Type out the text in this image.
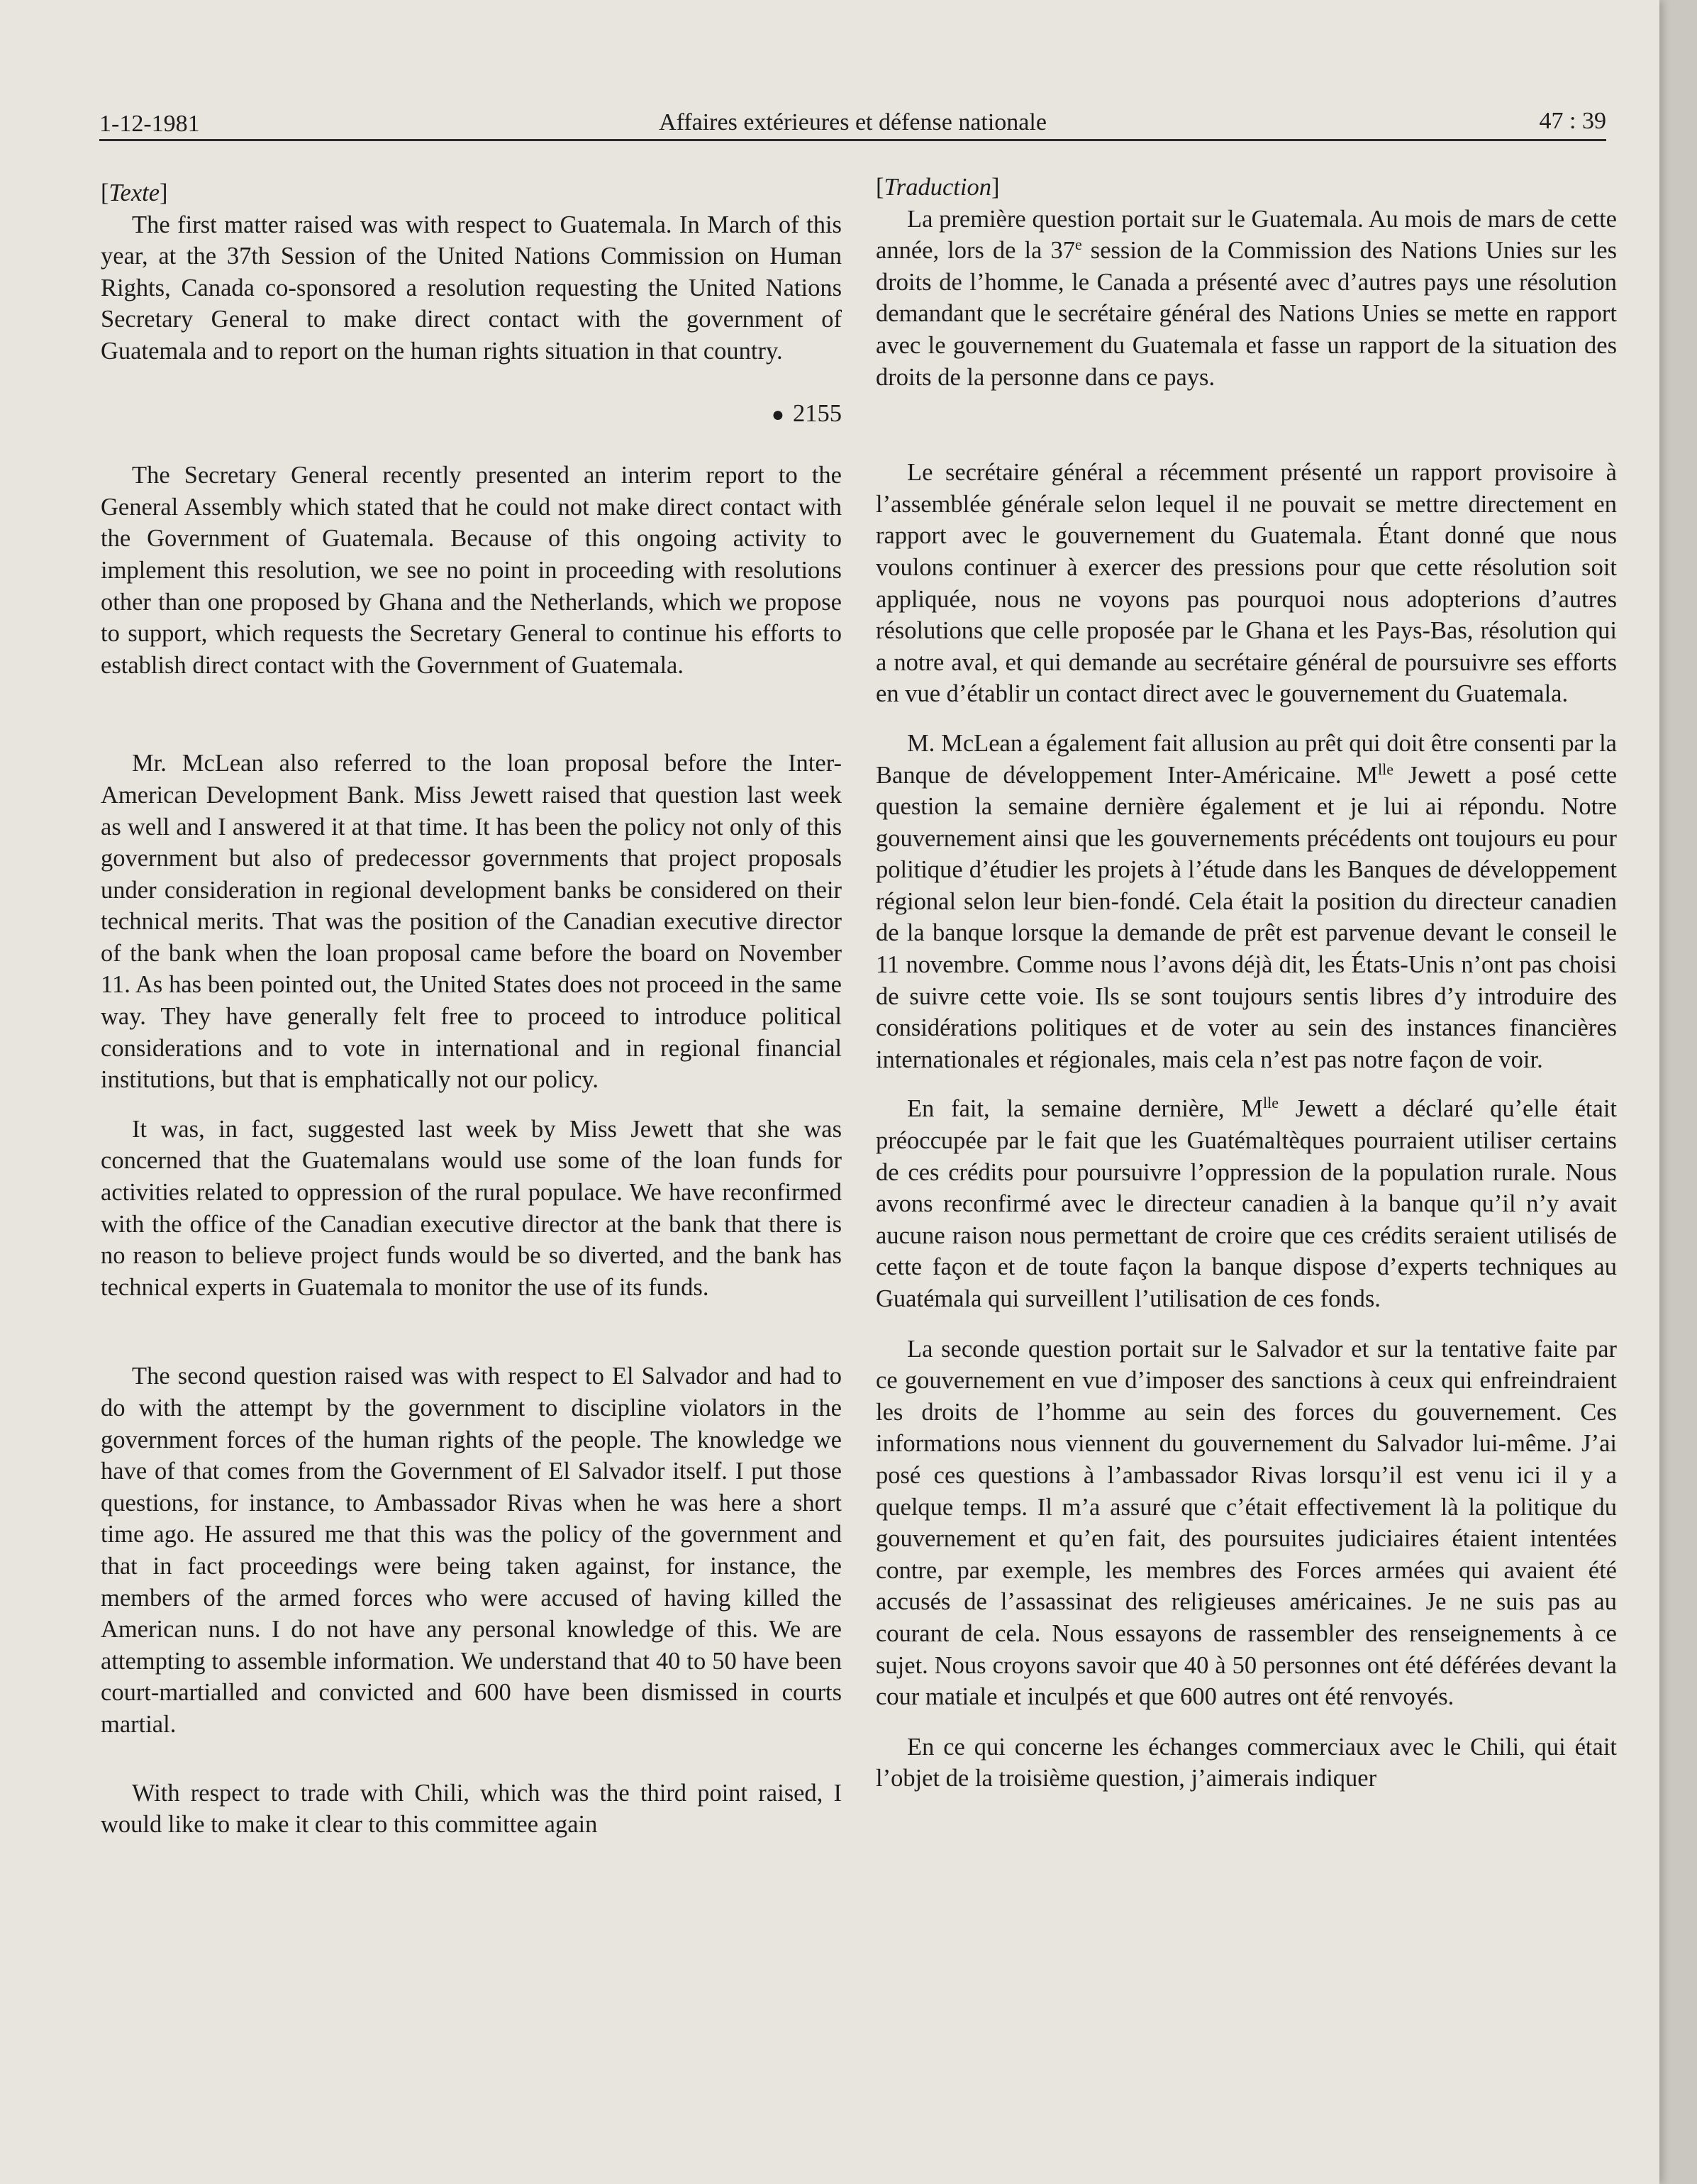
1-12-1981	Affaires extérieures et défense nationale	47 : 39
[Texte]

The first matter raised was with respect to Guatemala. In March of this year, at the 37th Session of the United Nations Commission on Human Rights, Canada co-sponsored a resolution requesting the United Nations Secretary General to make direct contact with the government of Guatemala and to report on the human rights situation in that country.

● 2155

The Secretary General recently presented an interim report to the General Assembly which stated that he could not make direct contact with the Government of Guatemala. Because of this ongoing activity to implement this resolution, we see no point in proceeding with resolutions other than one proposed by Ghana and the Netherlands, which we propose to support, which requests the Secretary General to continue his efforts to establish direct contact with the Government of Guatemala.

Mr. McLean also referred to the loan proposal before the Inter-American Development Bank. Miss Jewett raised that question last week as well and I answered it at that time. It has been the policy not only of this government but also of predecessor governments that project proposals under consideration in regional development banks be considered on their technical merits. That was the position of the Canadian executive director of the bank when the loan proposal came before the board on November 11. As has been pointed out, the United States does not proceed in the same way. They have generally felt free to proceed to introduce political considerations and to vote in international and in regional financial institutions, but that is emphatically not our policy.

It was, in fact, suggested last week by Miss Jewett that she was concerned that the Guatemalans would use some of the loan funds for activities related to oppression of the rural populace. We have reconfirmed with the office of the Canadian executive director at the bank that there is no reason to believe project funds would be so diverted, and the bank has technical experts in Guatemala to monitor the use of its funds.

The second question raised was with respect to El Salvador and had to do with the attempt by the government to discipline violators in the government forces of the human rights of the people. The knowledge we have of that comes from the Government of El Salvador itself. I put those questions, for instance, to Ambassador Rivas when he was here a short time ago. He assured me that this was the policy of the government and that in fact proceedings were being taken against, for instance, the members of the armed forces who were accused of having killed the American nuns. I do not have any personal knowledge of this. We are attempting to assemble information. We understand that 40 to 50 have been court-martialled and convicted and 600 have been dismissed in courts martial.

With respect to trade with Chili, which was the third point raised, I would like to make it clear to this committee again

[Traduction]

La première question portait sur le Guatemala. Au mois de mars de cette année, lors de la 37e session de la Commission des Nations Unies sur les droits de l’homme, le Canada a présenté avec d’autres pays une résolution demandant que le secrétaire général des Nations Unies se mette en rapport avec le gouvernement du Guatemala et fasse un rapport de la situation des droits de la personne dans ce pays.

Le secrétaire général a récemment présenté un rapport provisoire à l’assemblée générale selon lequel il ne pouvait se mettre directement en rapport avec le gouvernement du Guatemala. Étant donné que nous voulons continuer à exercer des pressions pour que cette résolution soit appliquée, nous ne voyons pas pourquoi nous adopterions d’autres résolutions que celle proposée par le Ghana et les Pays-Bas, résolution qui a notre aval, et qui demande au secrétaire général de poursuivre ses efforts en vue d’établir un contact direct avec le gouvernement du Guatemala.

M. McLean a également fait allusion au prêt qui doit être consenti par la Banque de développement Inter-Américaine. $M^{lle}$ Jewett a posé cette question la semaine dernière également et je lui ai répondu. Notre gouvernement ainsi que les gouvernements précédents ont toujours eu pour politique d’étudier les projets à l’étude dans les Banques de développement régional selon leur bien-fondé. Cela était la position du directeur canadien de la banque lorsque la demande de prêt est parvenue devant le conseil le 11 novembre. Comme nous l’avons déjà dit, les États-Unis n’ont pas choisi de suivre cette voie. Ils se sont toujours sentis libres d’y introduire des considérations politiques et de voter au sein des instances financières internationales et régionales, mais cela n’est pas notre façon de voir.

En fait, la semaine dernière, $M^{lle}$ Jewett a déclaré qu’elle était préoccupée par le fait que les Guatémaltèques pourraient utiliser certains de ces crédits pour poursuivre l’oppression de la population rurale. Nous avons reconfirmé avec le directeur canadien à la banque qu’il n’y avait aucune raison nous permettant de croire que ces crédits seraient utilisés de cette façon et de toute façon la banque dispose d’experts techniques au Guatémala qui surveillent l’utilisation de ces fonds.

La seconde question portait sur le Salvador et sur la tentative faite par ce gouvernement en vue d’imposer des sanctions à ceux qui enfreindraient les droits de l’homme au sein des forces du gouvernement. Ces informations nous viennent du gouvernement du Salvador lui-même. J’ai posé ces questions à l’ambassador Rivas lorsqu’il est venu ici il y a quelque temps. Il m’a assuré que c’était effectivement là la politique du gouvernement et qu’en fait, des poursuites judiciaires étaient intentées contre, par exemple, les membres des Forces armées qui avaient été accusés de l’assassinat des religieuses américaines. Je ne suis pas au courant de cela. Nous essayons de rassembler des renseignements à ce sujet. Nous croyons savoir que 40 à 50 personnes ont été déférées devant la cour matiale et inculpés et que 600 autres ont été renvoyés.

En ce qui concerne les échanges commerciaux avec le Chili, qui était l’objet de la troisième question, j’aimerais indiquer
